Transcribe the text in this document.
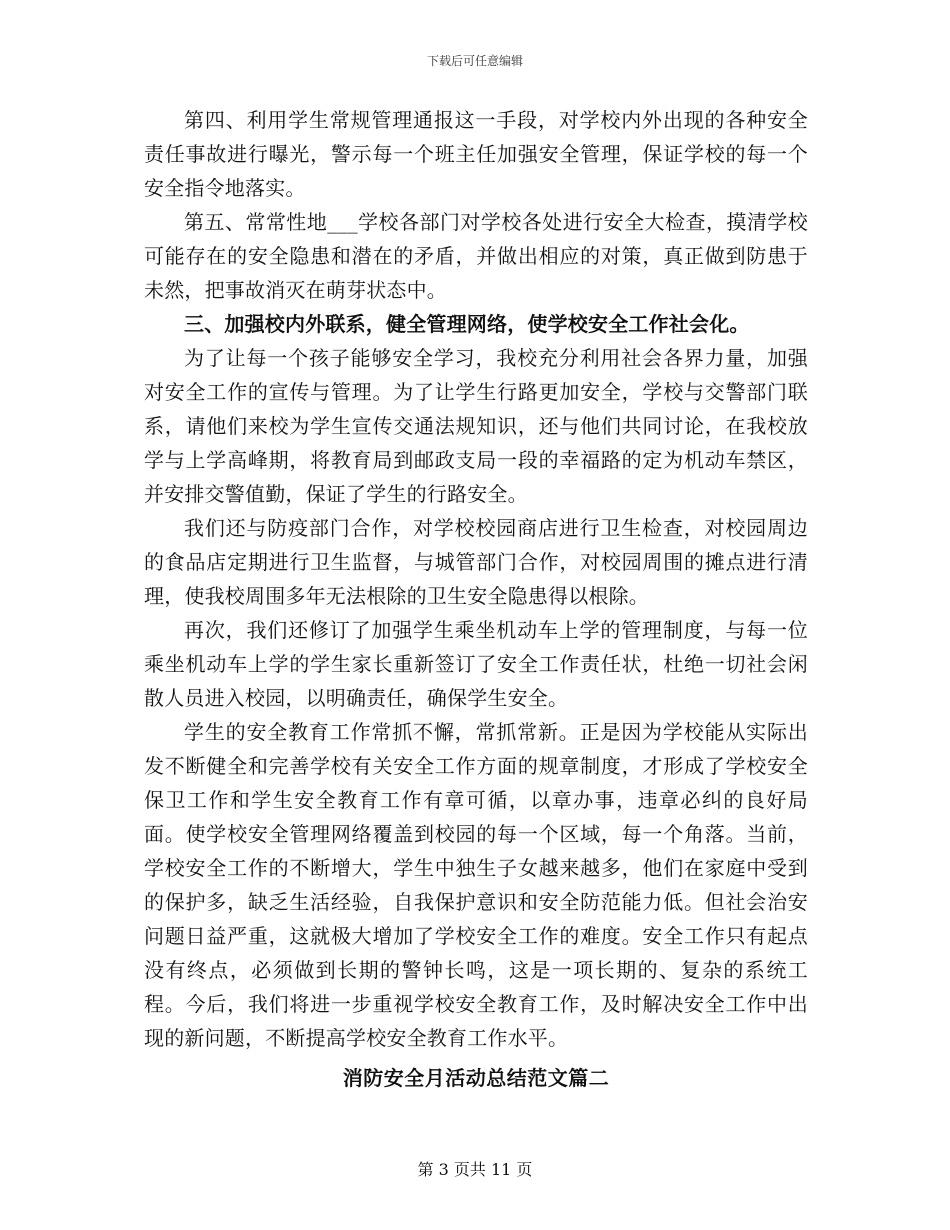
下载后可任意编辑

第四、利用学生常规管理通报这一手段，对学校内外出现的各种安全责任事故进行曝光，警示每一个班主任加强安全管理，保证学校的每一个安全指令地落实。

第五、常常性地___学校各部门对学校各处进行安全大检查，摸清学校可能存在的安全隐患和潜在的矛盾，并做出相应的对策，真正做到防患于未然，把事故消灭在萌芽状态中。

三、加强校内外联系，健全管理网络，使学校安全工作社会化。

为了让每一个孩子能够安全学习，我校充分利用社会各界力量，加强对安全工作的宣传与管理。为了让学生行路更加安全，学校与交警部门联系，请他们来校为学生宣传交通法规知识，还与他们共同讨论，在我校放学与上学高峰期，将教育局到邮政支局一段的幸福路的定为机动车禁区，并安排交警值勤，保证了学生的行路安全。

我们还与防疫部门合作，对学校校园商店进行卫生检查，对校园周边的食品店定期进行卫生监督，与城管部门合作，对校园周围的摊点进行清理，使我校周围多年无法根除的卫生安全隐患得以根除。

再次，我们还修订了加强学生乘坐机动车上学的管理制度，与每一位乘坐机动车上学的学生家长重新签订了安全工作责任状，杜绝一切社会闲散人员进入校园，以明确责任，确保学生安全。

学生的安全教育工作常抓不懈，常抓常新。正是因为学校能从实际出发不断健全和完善学校有关安全工作方面的规章制度，才形成了学校安全保卫工作和学生安全教育工作有章可循，以章办事，违章必纠的良好局面。使学校安全管理网络覆盖到校园的每一个区域，每一个角落。当前，学校安全工作的不断增大，学生中独生子女越来越多，他们在家庭中受到的保护多，缺乏生活经验，自我保护意识和安全防范能力低。但社会治安问题日益严重，这就极大增加了学校安全工作的难度。安全工作只有起点没有终点，必须做到长期的警钟长鸣，这是一项长期的、复杂的系统工程。今后，我们将进一步重视学校安全教育工作，及时解决安全工作中出现的新问题，不断提高学校安全教育工作水平。

消防安全月活动总结范文篇二

第 3 页共 11 页
